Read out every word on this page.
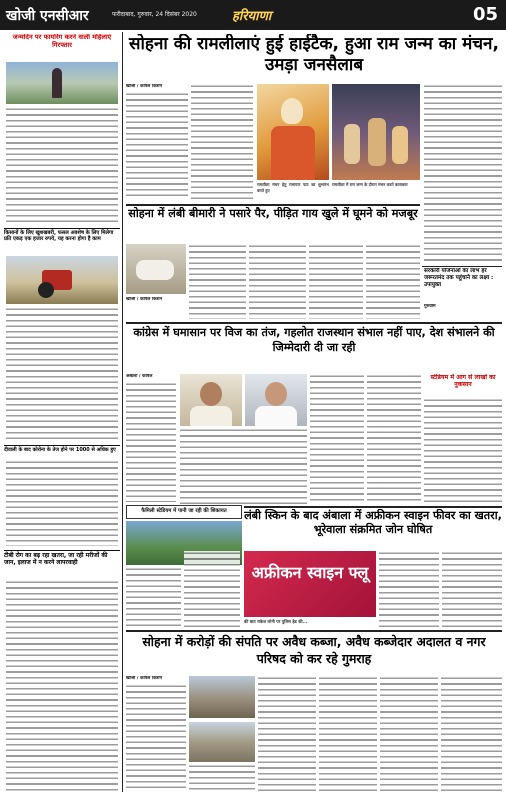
खोजी एनसीआर	फरीदाबाद, गुरुवार, 24 दिसंबर 2020	हरियाणा	05
जन्मदिन पर फायरिंग करने वाली महिलाएं गिरफ्तार
किसानों के लिए खुशखबरी, फसल अवशेष के लिए मिलेगा प्रति एकड़ एक हजार रुपये, यह करना होगा है काम
दीवाली के बाद कोरोना के तेज होने पर 1000 से अधिक हुए
टीबी रोग का बढ़ रहा खतरा, जा रही मरीजों की जान, इलाज में न करने लापरवाही
सोहना की रामलीलाएं हुई हाईटैक, हुआ राम जन्म का मंचन, उमड़ा जनसैलाब
खोजी / कपिल किशन
रामलीला मंचन हेतु रामायण पाठ का शुभारंभ करते हुए
रामलीला में राम जन्म के दौरान मंचन करते कलाकार
सोहना में लंबी बीमारी ने पसारे पैर, पीड़ित गाय खुले में घूमने को मजबूर
खोजी / कपिल किशन
सरकारी योजनाओं का लाभ हर जरूरतमंद तक पहुंचाने का लक्ष्य : उपायुक्त
गुरुग्राम
कांग्रेस में घमासान पर विज का तंज, गहलोत राजस्थान संभाल नहीं पाए, देश संभालने की जिम्मेदारी दी जा रही
अंबाला / कपिल	स्टेडियम में आग से लाखों का नुकसान
फैमिली स्टेडियम में पानी जा रही की शिकायत	लंबी स्किन के बाद अंबाला में अफ्रीकन स्वाइन फीवर का खतरा, भूरेवाला संक्रमित जोन घोषित
अफ्रीकन स्वाइन फ्लू
की बात राकेश लोनी पर पुलिस हेड की...
सोहना में करोड़ों की संपति पर अवैध कब्जा, अवैध कब्जेदार अदालत व नगर परिषद को कर रहे गुमराह
खोजी / कपिल किशन
